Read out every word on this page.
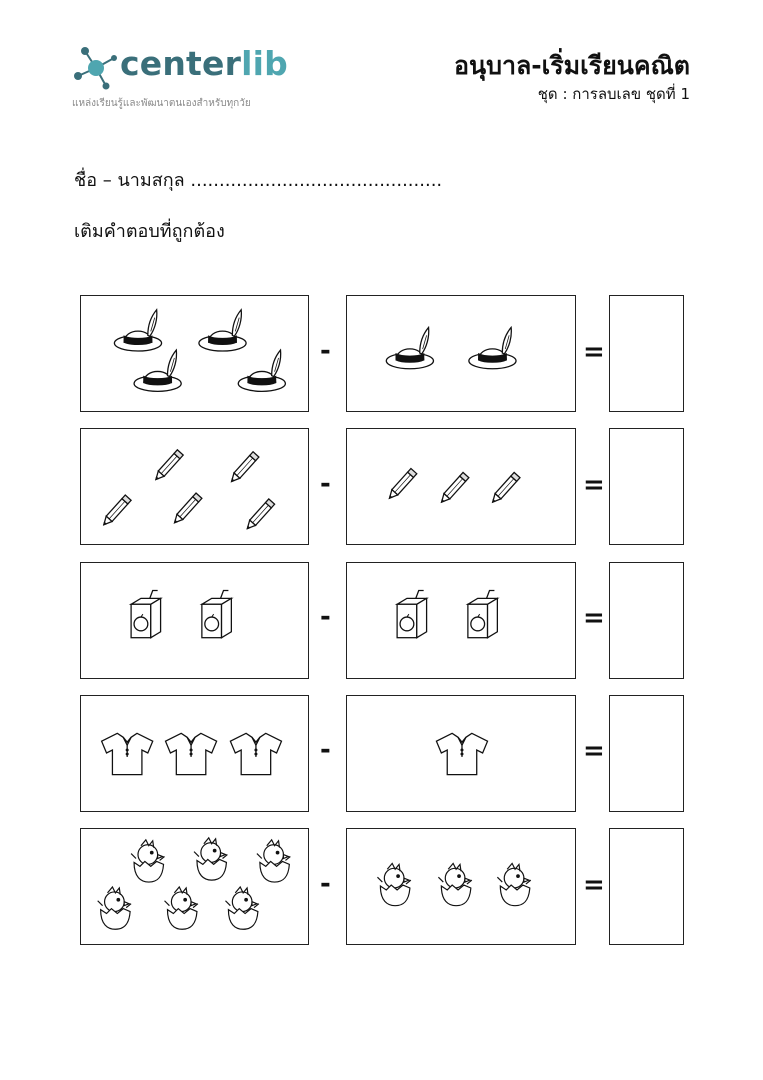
centerlib
แหล่งเรียนรู้และพัฒนาตนเองสำหรับทุกวัย
อนุบาล-เริ่มเรียนคณิต
ชุด : การลบเลข ชุดที่ 1
ชื่อ – นามสกุล ............................................
เติมคำตอบที่ถูกต้อง
-	=
-	=
-	=
-	=
-	=
